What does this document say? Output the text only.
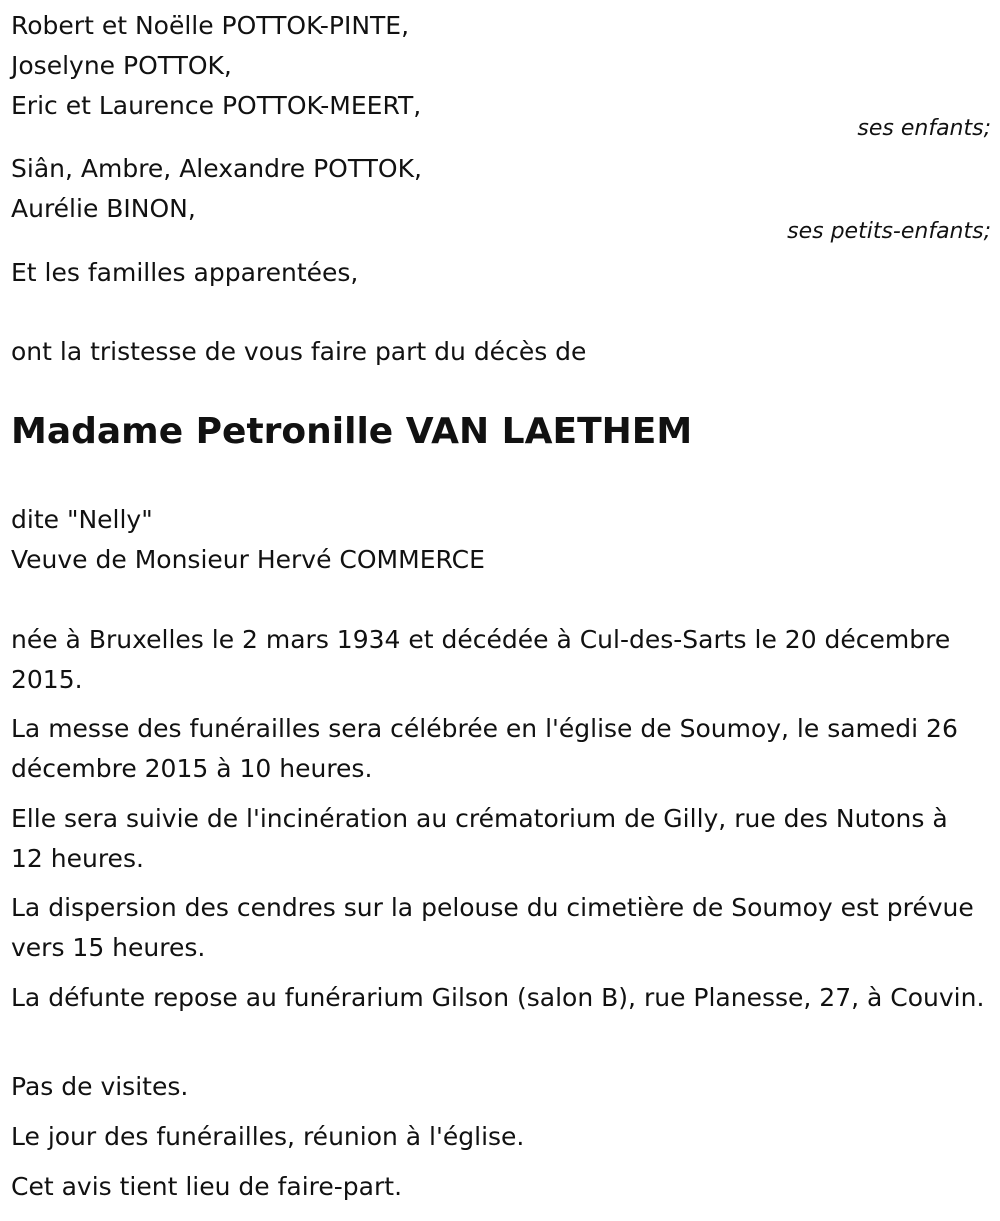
Robert et Noëlle POTTOK-PINTE,
Joselyne POTTOK,
Eric et Laurence POTTOK-MEERT,
ses enfants;
Siân, Ambre, Alexandre POTTOK,
Aurélie BINON,
ses petits-enfants;
Et les familles apparentées,
ont la tristesse de vous faire part du décès de
Madame Petronille VAN LAETHEM
dite "Nelly"
Veuve de Monsieur Hervé COMMERCE
née à Bruxelles le 2 mars 1934 et décédée à Cul-des-Sarts le 20 décembre 2015.
La messe des funérailles sera célébrée en l'église de Soumoy, le samedi 26 décembre 2015 à 10 heures.
Elle sera suivie de l'incinération au crématorium de Gilly, rue des Nutons à 12 heures.
La dispersion des cendres sur la pelouse du cimetière de Soumoy est prévue vers 15 heures.
La défunte repose au funérarium Gilson (salon B), rue Planesse, 27, à Couvin.
Pas de visites.
Le jour des funérailles, réunion à l'église.
Cet avis tient lieu de faire-part.
